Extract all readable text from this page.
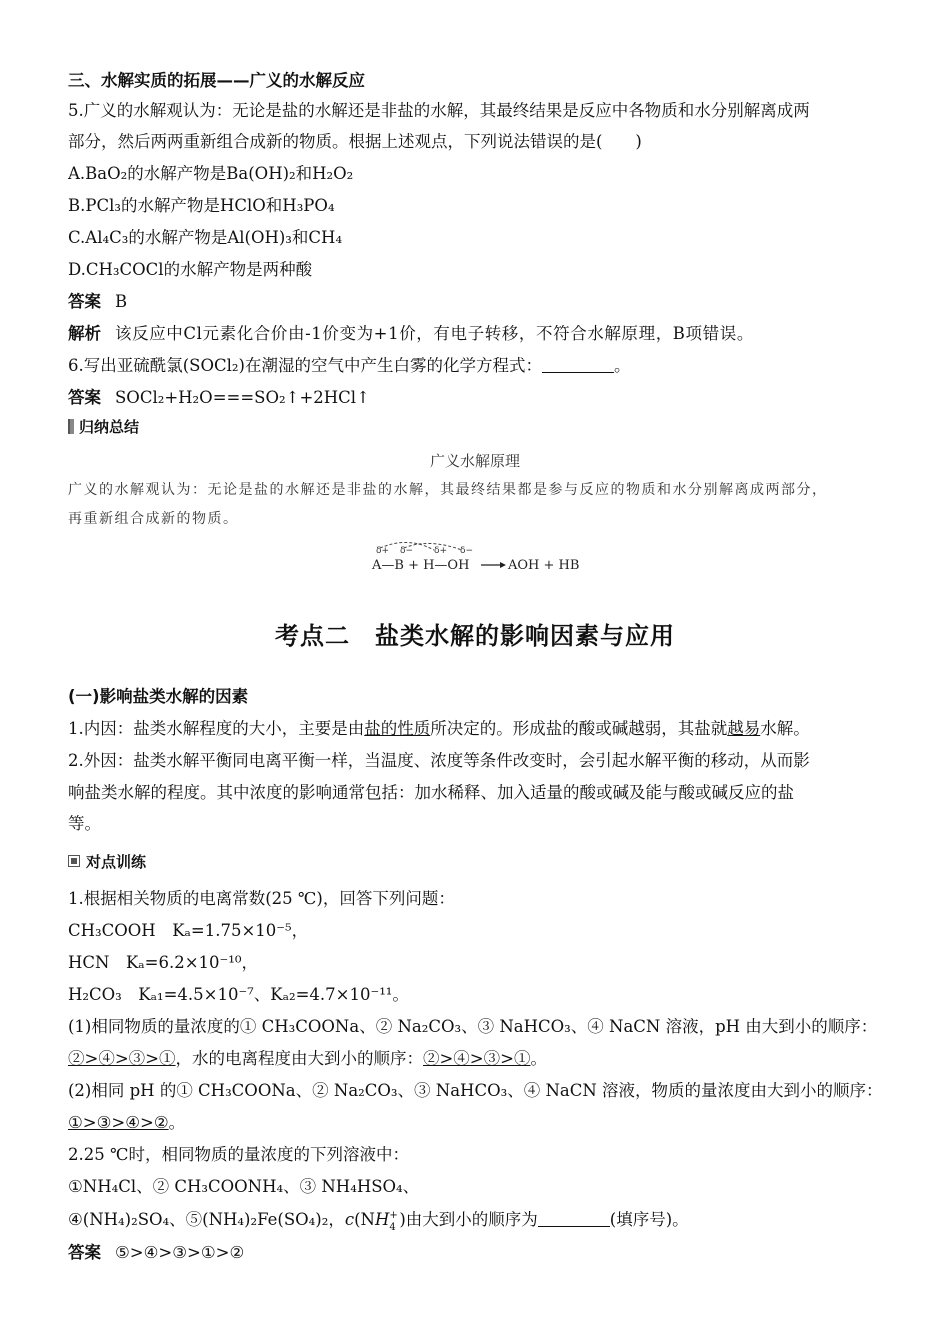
三、水解实质的拓展——广义的水解反应
5.广义的水解观认为：无论是盐的水解还是非盐的水解，其最终结果是反应中各物质和水分别解离成两
部分，然后两两重新组合成新的物质。根据上述观点，下列说法错误的是(　　)
A.BaO₂的水解产物是Ba(OH)₂和H₂O₂
B.PCl₃的水解产物是HClO和H₃PO₄
C.Al₄C₃的水解产物是Al(OH)₃和CH₄
D.CH₃COCl的水解产物是两种酸
答案 B
解析 该反应中Cl元素化合价由-1价变为+1价，有电子转移，不符合水解原理，B项错误。
6.写出亚硫酰氯(SOCl₂)在潮湿的空气中产生白雾的化学方程式：	。
答案 SOCl₂+H₂O===SO₂↑+2HCl↑
归纳总结
广义水解原理
广义的水解观认为：无论是盐的水解还是非盐的水解，其最终结果都是参与反应的物质和水分别解离成两部分，
再重新组合成新的物质。
δ+ δ− δ+ δ−
A—B + H—OH	AOH + HB
考点二　盐类水解的影响因素与应用
(一)影响盐类水解的因素
1.内因：盐类水解程度的大小，主要是由盐的性质所决定的。形成盐的酸或碱越弱，其盐就越易水解。
2.外因：盐类水解平衡同电离平衡一样，当温度、浓度等条件改变时，会引起水解平衡的移动，从而影
响盐类水解的程度。其中浓度的影响通常包括：加水稀释、加入适量的酸或碱及能与酸或碱反应的盐
等。
对点训练
1.根据相关物质的电离常数(25 ℃)，回答下列问题：
CH₃COOH　Kₐ=1.75×10⁻⁵，
HCN　Kₐ=6.2×10⁻¹⁰，
H₂CO₃　Kₐ₁=4.5×10⁻⁷、Kₐ₂=4.7×10⁻¹¹。
(1)相同物质的量浓度的① CH₃COONa、② Na₂CO₃、③ NaHCO₃、④ NaCN 溶液，pH 由大到小的顺序：
②>④>③>①，水的电离程度由大到小的顺序：②>④>③>①。
(2)相同 pH 的① CH₃COONa、② Na₂CO₃、③ NaHCO₃、④ NaCN 溶液，物质的量浓度由大到小的顺序：
①>③>④>②。
2.25 ℃时，相同物质的量浓度的下列溶液中：
①NH₄Cl、② CH₃COONH₄、③ NH₄HSO₄、
④(NH₄)₂SO₄、⑤(NH₄)₂Fe(SO₄)₂，c(NH +
4 )由大到小的顺序为	(填序号)。
答案 ⑤>④>③>①>②
